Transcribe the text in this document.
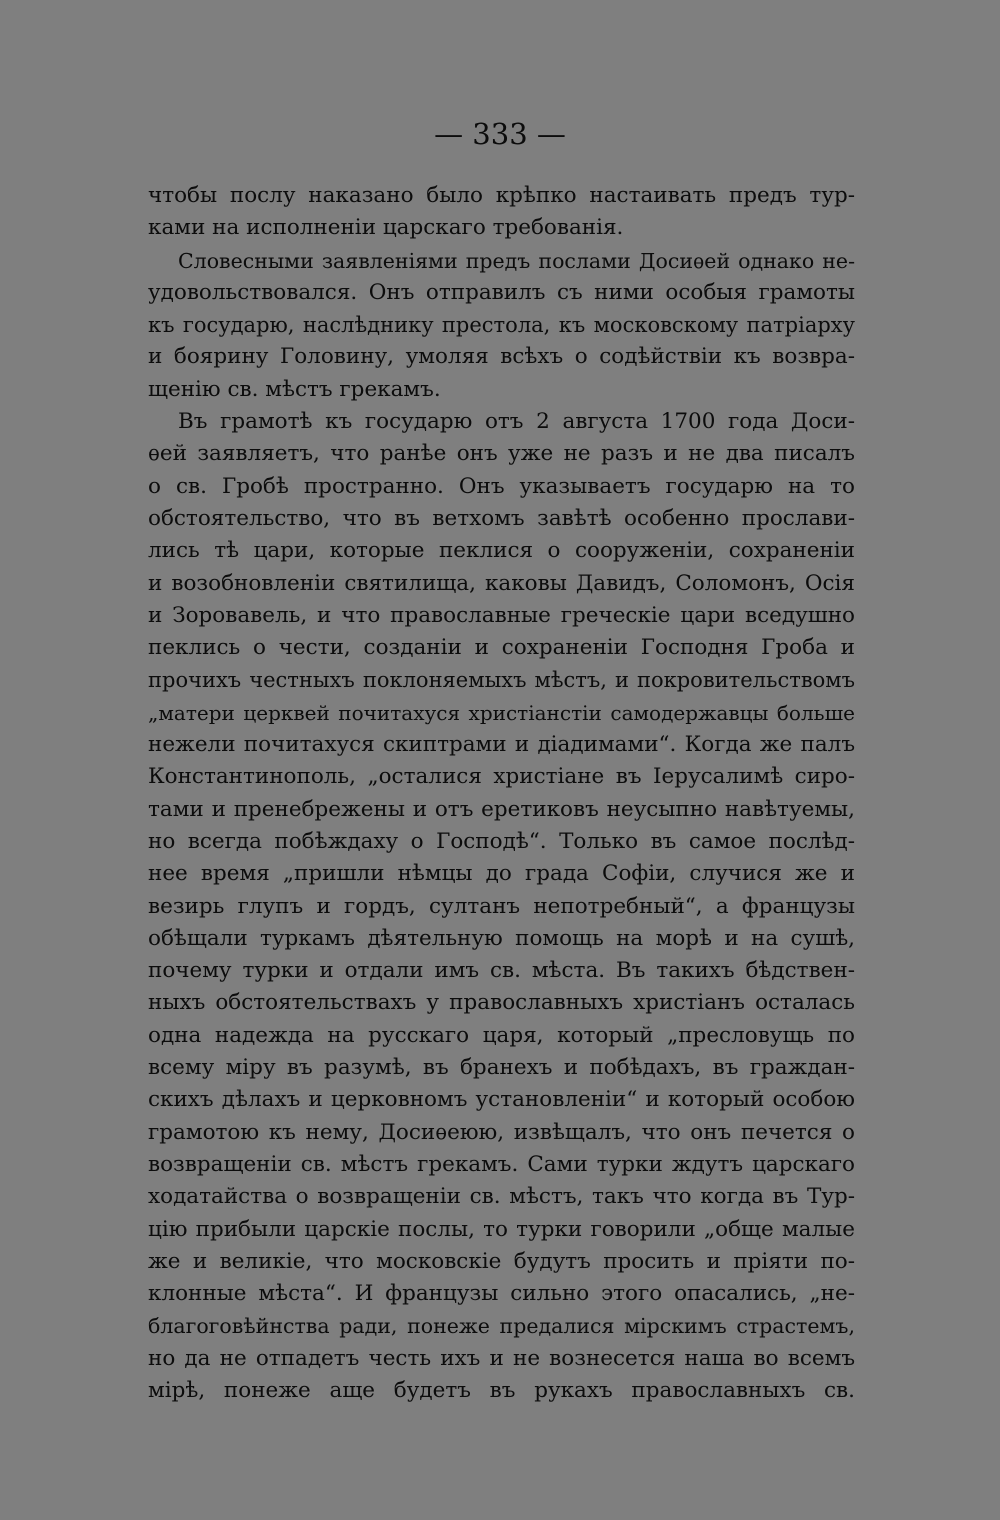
— 333 —
чтобы послу наказано было крѣпко настаивать предъ тур-
ками на исполненіи царскаго требованія.
Словесными заявленіями предъ послами Досиѳей однако не-
удовольствовался. Онъ отправилъ съ ними особыя грамоты
къ государю, наслѣднику престола, къ московскому патріарху
и боярину Головину, умоляя всѣхъ о содѣйствіи къ возвра-
щенію св. мѣстъ грекамъ.
Въ грамотѣ къ государю отъ 2 августа 1700 года Доси-
ѳей заявляетъ, что ранѣе онъ уже не разъ и не два писалъ
о св. Гробѣ пространно. Онъ указываетъ государю на то
обстоятельство, что въ ветхомъ завѣтѣ особенно прослави-
лись тѣ цари, которые пеклися о сооруженіи, сохраненіи
и возобновленіи святилища, каковы Давидъ, Соломонъ, Осія
и Зоровавель, и что православные греческіе цари вседушно
пеклись о чести, созданіи и сохраненіи Господня Гроба и
прочихъ честныхъ поклоняемыхъ мѣстъ, и покровительствомъ
„матери церквей почитахуся христіанстіи самодержавцы больше
нежели почитахуся скиптрами и діадимами“. Когда же палъ
Константинополь, „осталися христіане въ Іерусалимѣ сиро-
тами и пренебрежены и отъ еретиковъ неусыпно навѣтуемы,
но всегда побѣждаху о Господѣ“. Только въ самое послѣд-
нее время „пришли нѣмцы до града Софіи, случися же и
везирь глупъ и гордъ, султанъ непотребный“, а французы
обѣщали туркамъ дѣятельную помощь на морѣ и на сушѣ,
почему турки и отдали имъ св. мѣста. Въ такихъ бѣдствен-
ныхъ обстоятельствахъ у православныхъ христіанъ осталась
одна надежда на русскаго царя, который „пресловущь по
всему міру въ разумѣ, въ бранехъ и побѣдахъ, въ граждан-
скихъ дѣлахъ и церковномъ установленіи“ и который особою
грамотою къ нему, Досиѳеюю, извѣщалъ, что онъ печется о
возвращеніи св. мѣстъ грекамъ. Сами турки ждутъ царскаго
ходатайства о возвращеніи св. мѣстъ, такъ что когда въ Тур-
цію прибыли царскіе послы, то турки говорили „обще малые
же и великіе, что московскіе будутъ просить и пріяти по-
клонные мѣста“. И французы сильно этого опасались, „не-
благоговѣйнства ради, понеже предалися мірскимъ страстемъ,
но да не отпадетъ честь ихъ и не вознесется наша во всемъ
мірѣ, понеже аще будетъ въ рукахъ православныхъ св.
